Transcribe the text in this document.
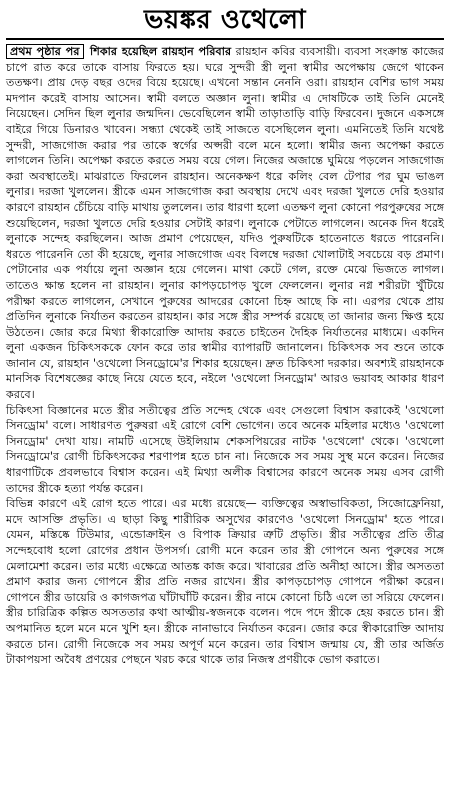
ভয়ঙ্কর ওথেলো

প্রথম পৃষ্ঠার পর শিকার হয়েছিল রায়হান পরিবার রায়হান কবির ব্যবসায়ী। ব্যবসা সংক্রান্ত কাজের চাপে রাত করে তাকে বাসায় ফিরতে হয়। ঘরে সুন্দরী স্ত্রী লুনা স্বামীর অপেক্ষায় জেগে থাকেন ততক্ষণ। প্রায় দেড় বছর ওদের বিয়ে হয়েছে। এখনো সন্তান নেননি ওরা। রায়হান বেশির ভাগ সময় মদপান করেই বাসায় আসেন। স্বামী বলতে অজ্ঞান লুনা। স্বামীর এ দোষটিকে তাই তিনি মেনেই নিয়েছেন। সেদিন ছিল লুনার জন্মদিন। ভেবেছিলেন স্বামী তাড়াতাড়ি বাড়ি ফিরবেন। দুজনে একসঙ্গে বাইরে গিয়ে ডিনারও খাবেন। সন্ধ্যা থেকেই তাই সাজতে বসেছিলেন লুনা। এমনিতেই তিনি যথেষ্ট সুন্দরী, সাজগোজ করার পর তাকে স্বর্গের অপ্সরী বলে মনে হলো। স্বামীর জন্য অপেক্ষা করতে লাগলেন তিনি। অপেক্ষা করতে করতে সময় বয়ে গেল। নিজের অজান্তে ঘুমিয়ে পড়লেন সাজগোজ করা অবস্থাতেই। মাঝরাতে ফিরলেন রায়হান। অনেকক্ষণ ধরে কলিং বেল টেপার পর ঘুম ভাঙল লুনার। দরজা খুললেন। স্ত্রীকে এমন সাজগোজ করা অবস্থায় দেখে এবং দরজা খুলতে দেরি হওয়ার কারণে রায়হান চেঁচিয়ে বাড়ি মাথায় তুললেন। তার ধারণা হলো এতক্ষণ লুনা কোনো পরপুরুষের সঙ্গে শুয়েছিলেন, দরজা খুলতে দেরি হওয়ার সেটাই কারণ। লুনাকে পেটাতে লাগলেন। অনেক দিন ধরেই লুনাকে সন্দেহ করছিলেন। আজ প্রমাণ পেয়েছেন, যদিও পুরুষটিকে হাতেনাতে ধরতে পারেননি। ধরতে পারেননি তো কী হয়েছে, লুনার সাজগোজ এবং বিলম্বে দরজা খোলাটাই সবচেয়ে বড় প্রমাণ। পেটানোর এক পর্যায়ে লুনা অজ্ঞান হয়ে গেলেন। মাথা কেটে গেল, রক্তে মেঝে ভিজতে লাগল। তাতেও ক্ষান্ত হলেন না রায়হান। লুনার কাপড়চোপড় খুলে ফেললেন। লুনার নগ্ন শরীরটা খুঁটিয়ে পরীক্ষা করতে লাগলেন, সেখানে পুরুষের আদরের কোনো চিহ্ন আছে কি না। এরপর থেকে প্রায় প্রতিদিন লুনাকে নির্যাতন করতেন রায়হান। কার সঙ্গে স্ত্রীর সম্পর্ক রয়েছে তা জানার জন্য ক্ষিপ্ত হয়ে উঠতেন। জোর করে মিথ্যা স্বীকারোক্তি আদায় করতে চাইতেন দৈহিক নির্যাতনের মাধ্যমে। একদিন লুনা একজন চিকিৎসককে ফোন করে তার স্বামীর ব্যাপারটি জানালেন। চিকিৎসক সব শুনে তাকে জানান যে, রায়হান 'ওথেলো সিনড্রোমে'র শিকার হয়েছেন। দ্রুত চিকিৎসা দরকার। অবশ্যই রায়হানকে মানসিক বিশেষজ্ঞের কাছে নিয়ে যেতে হবে, নইলে 'ওথেলো সিনড্রোম' আরও ভয়াবহ আকার ধারণ করবে।

চিকিৎসা বিজ্ঞানের মতে স্ত্রীর সতীত্বের প্রতি সন্দেহ থেকে এবং সেগুলো বিশ্বাস করাকেই 'ওথেলো সিনড্রোম' বলে। সাধারণত পুরুষরা এই রোগে বেশি ভোগেন। তবে অনেক মহিলার মধ্যেও 'ওথেলো সিনড্রোম' দেখা যায়। নামটি এসেছে উইলিয়াম শেকসপিয়রের নাটক 'ওথেলো' থেকে। 'ওথেলো সিনড্রোমে'র রোগী চিকিৎসকের শরণাপন্ন হতে চান না। নিজেকে সব সময় সুস্থ মনে করেন। নিজের ধারণাটিকে প্রবলভাবে বিশ্বাস করেন। এই মিথ্যা অলীক বিশ্বাসের কারণে অনেক সময় এসব রোগী তাদের স্ত্রীকে হত্যা পর্যন্ত করেন।

বিভিন্ন কারণে এই রোগ হতে পারে। এর মধ্যে রয়েছে— ব্যক্তিত্বের অস্বাভাবিকতা, সিজোফ্রেনিয়া, মদে আসক্তি প্রভৃতি। এ ছাড়া কিছু শারীরিক অসুখের কারণেও 'ওথেলো সিনড্রোম' হতে পারে। যেমন, মস্তিষ্কে টিউমার, এন্ডোক্রাইন ও বিপাক ক্রিয়ার ত্রুটি প্রভৃতি। স্ত্রীর সতীত্বের প্রতি তীব্র সন্দেহবোধ হলো রোগের প্রধান উপসর্গ। রোগী মনে করেন তার স্ত্রী গোপনে অন্য পুরুষের সঙ্গে মেলামেশা করেন। তার মধ্যে এক্ষেত্রে আতঙ্ক কাজ করে। খাবারের প্রতি অনীহা আসে। স্ত্রীর অসততা প্রমাণ করার জন্য গোপনে স্ত্রীর প্রতি নজর রাখেন। স্ত্রীর কাপড়চোপড় গোপনে পরীক্ষা করেন। গোপনে স্ত্রীর ডায়েরি ও কাগজপত্র ঘাঁটাঘাঁটি করেন। স্ত্রীর নামে কোনো চিঠি এলে তা সরিয়ে ফেলেন। স্ত্রীর চারিত্রিক কল্পিত অসততার কথা আত্মীয়-স্বজনকে বলেন। পদে পদে স্ত্রীকে হেয় করতে চান। স্ত্রী অপমানিত হলে মনে মনে খুশি হন। স্ত্রীকে নানাভাবে নির্যাতন করেন। জোর করে স্বীকারোক্তি আদায় করতে চান। রোগী নিজেকে সব সময় অপূর্ণ মনে করেন। তার বিশ্বাস জন্মায় যে, স্ত্রী তার অর্জিত টাকাপয়সা অবৈধ প্রণয়ের পেছনে খরচ করে থাকে তার নিজস্ব প্রণয়ীকে ভোগ করাতে।
